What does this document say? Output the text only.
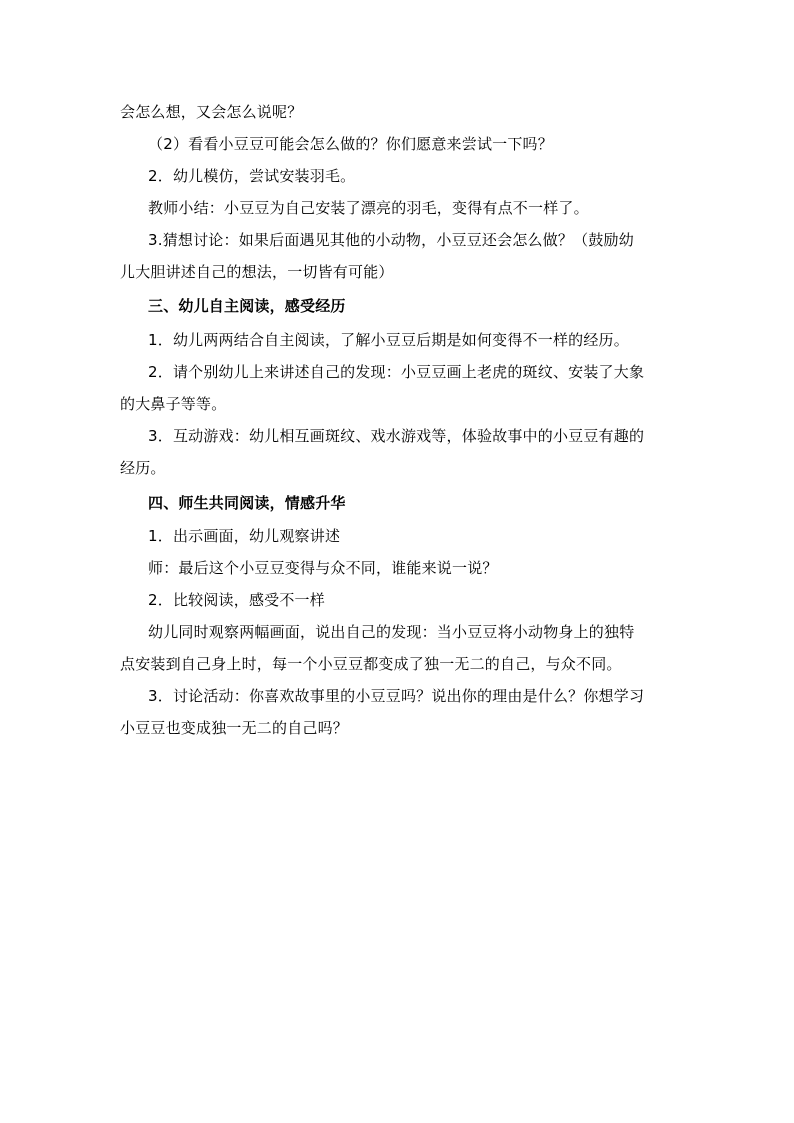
会怎么想，又会怎么说呢？
（2）看看小豆豆可能会怎么做的？你们愿意来尝试一下吗？
2．幼儿模仿，尝试安装羽毛。
教师小结：小豆豆为自己安装了漂亮的羽毛，变得有点不一样了。
3.猜想讨论：如果后面遇见其他的小动物，小豆豆还会怎么做？（鼓励幼
儿大胆讲述自己的想法，一切皆有可能）
三、幼儿自主阅读，感受经历
1．幼儿两两结合自主阅读，了解小豆豆后期是如何变得不一样的经历。
2．请个别幼儿上来讲述自己的发现：小豆豆画上老虎的斑纹、安装了大象
的大鼻子等等。
3．互动游戏：幼儿相互画斑纹、戏水游戏等，体验故事中的小豆豆有趣的
经历。
四、师生共同阅读，情感升华
1．出示画面，幼儿观察讲述
师：最后这个小豆豆变得与众不同，谁能来说一说？
2．比较阅读，感受不一样
幼儿同时观察两幅画面，说出自己的发现：当小豆豆将小动物身上的独特
点安装到自己身上时，每一个小豆豆都变成了独一无二的自己，与众不同。
3．讨论活动：你喜欢故事里的小豆豆吗？说出你的理由是什么？你想学习
小豆豆也变成独一无二的自己吗？
